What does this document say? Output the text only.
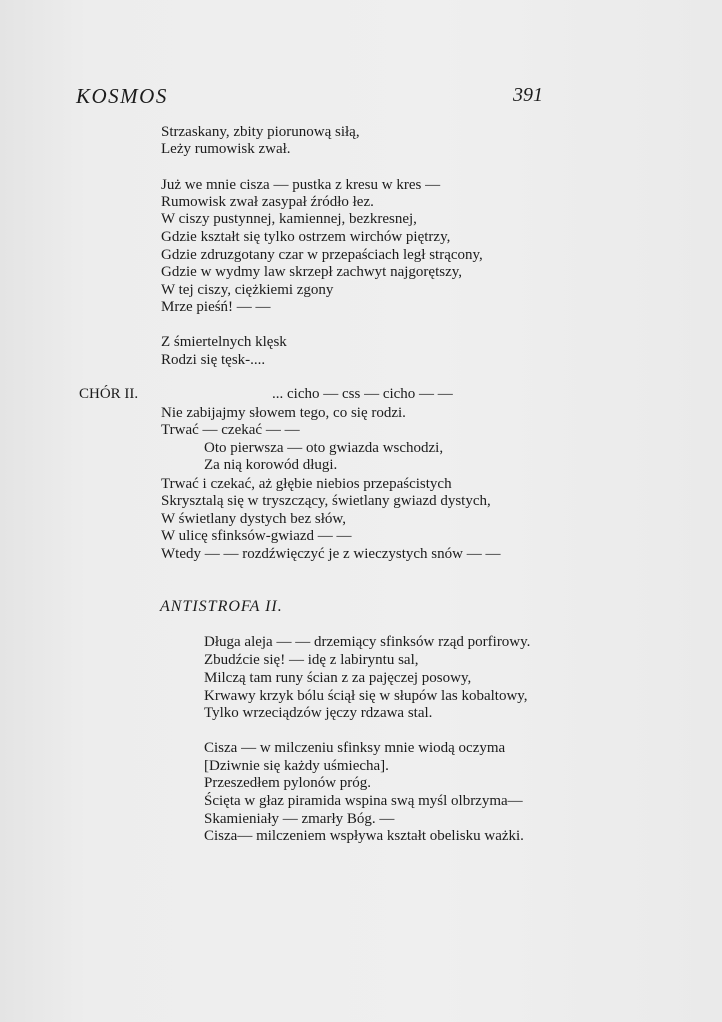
KOSMOS	391
Strzaskany, zbity piorunową siłą,
Leży rumowisk zwał.
Już we mnie cisza — pustka z kresu w kres —
Rumowisk zwał zasypał źródło łez.
W ciszy pustynnej, kamiennej, bezkresnej,
Gdzie kształt się tylko ostrzem wirchów piętrzy,
Gdzie zdruzgotany czar w przepaściach legł strącony,
Gdzie w wydmy law skrzepł zachwyt najgorętszy,
W tej ciszy, ciężkiemi zgony
Mrze pieśń! — —
Z śmiertelnych klęsk
Rodzi się tęsk-....
CHÓR II.	... cicho — css — cicho — —
Nie zabijajmy słowem tego, co się rodzi.
Trwać — czekać — —
Oto pierwsza — oto gwiazda wschodzi,
Za nią korowód długi.
Trwać i czekać, aż głębie niebios przepaścistych
Skrysztalą się w tryszczący, świetlany gwiazd dystych,
W świetlany dystych bez słów,
W ulicę sfinksów-gwiazd — —
Wtedy — — rozdźwięczyć je z wieczystych snów — —
ANTISTROFA II.
Długa aleja — — drzemiący sfinksów rząd porfirowy.
Zbudźcie się! — idę z labiryntu sal,
Milczą tam runy ścian z za pajęczej posowy,
Krwawy krzyk bólu ściął się w słupów las kobaltowy,
Tylko wrzeciądzów jęczy rdzawa stal.
Cisza — w milczeniu sfinksy mnie wiodą oczyma
[Dziwnie się każdy uśmiecha].
Przeszedłem pylonów próg.
Ścięta w głaz piramida wspina swą myśl olbrzyma—
Skamieniały — zmarły Bóg. —
Cisza— milczeniem wspływa kształt obelisku ważki.
